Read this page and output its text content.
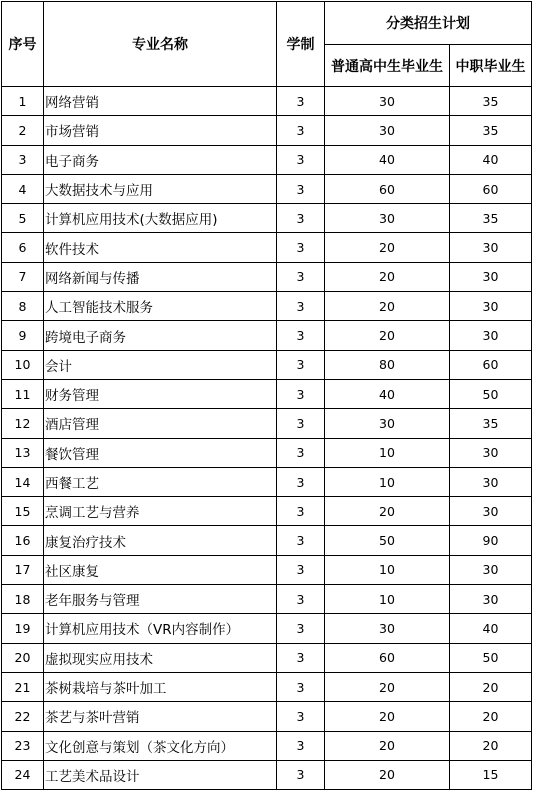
序号	专业名称	学制	分类招生计划	
			普通高中生毕业生	中职毕业生
1	网络营销	3	30	35
2	市场营销	3	30	35
3	电子商务	3	40	40
4	大数据技术与应用	3	60	60
5	计算机应用技术(大数据应用)	3	30	35
6	软件技术	3	20	30
7	网络新闻与传播	3	20	30
8	人工智能技术服务	3	20	30
9	跨境电子商务	3	20	30
10	会计	3	80	60
11	财务管理	3	40	50
12	酒店管理	3	30	35
13	餐饮管理	3	10	30
14	西餐工艺	3	10	30
15	烹调工艺与营养	3	20	30
16	康复治疗技术	3	50	90
17	社区康复	3	10	30
18	老年服务与管理	3	10	30
19	计算机应用技术（VR内容制作）	3	30	40
20	虚拟现实应用技术	3	60	50
21	茶树栽培与茶叶加工	3	20	20
22	茶艺与茶叶营销	3	20	20
23	文化创意与策划（茶文化方向）	3	20	20
24	工艺美术品设计	3	20	15
